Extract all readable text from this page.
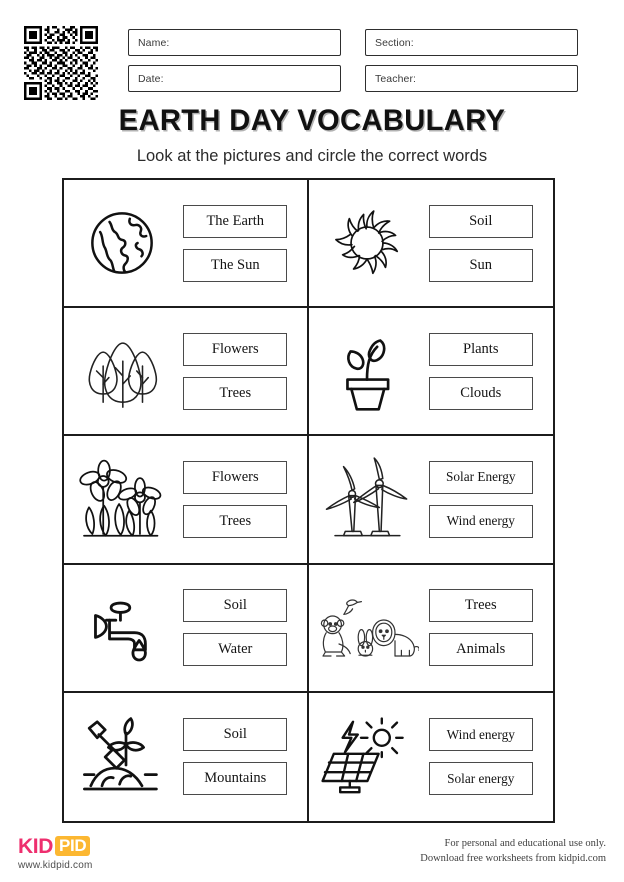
Name:	Section:
Date:	Teacher:
EARTH DAY VOCABULARY
Look at the pictures and circle the correct words
The Earth
The Sun
Soil
Sun
Flowers
Trees
Plants
Clouds
Flowers
Trees
Solar Energy
Wind energy
Soil
Water
Trees
Animals
Soil
Mountains
Wind energy
Solar energy
KID PID
www.kidpid.com
For personal and educational use only.
Download free worksheets from kidpid.com
